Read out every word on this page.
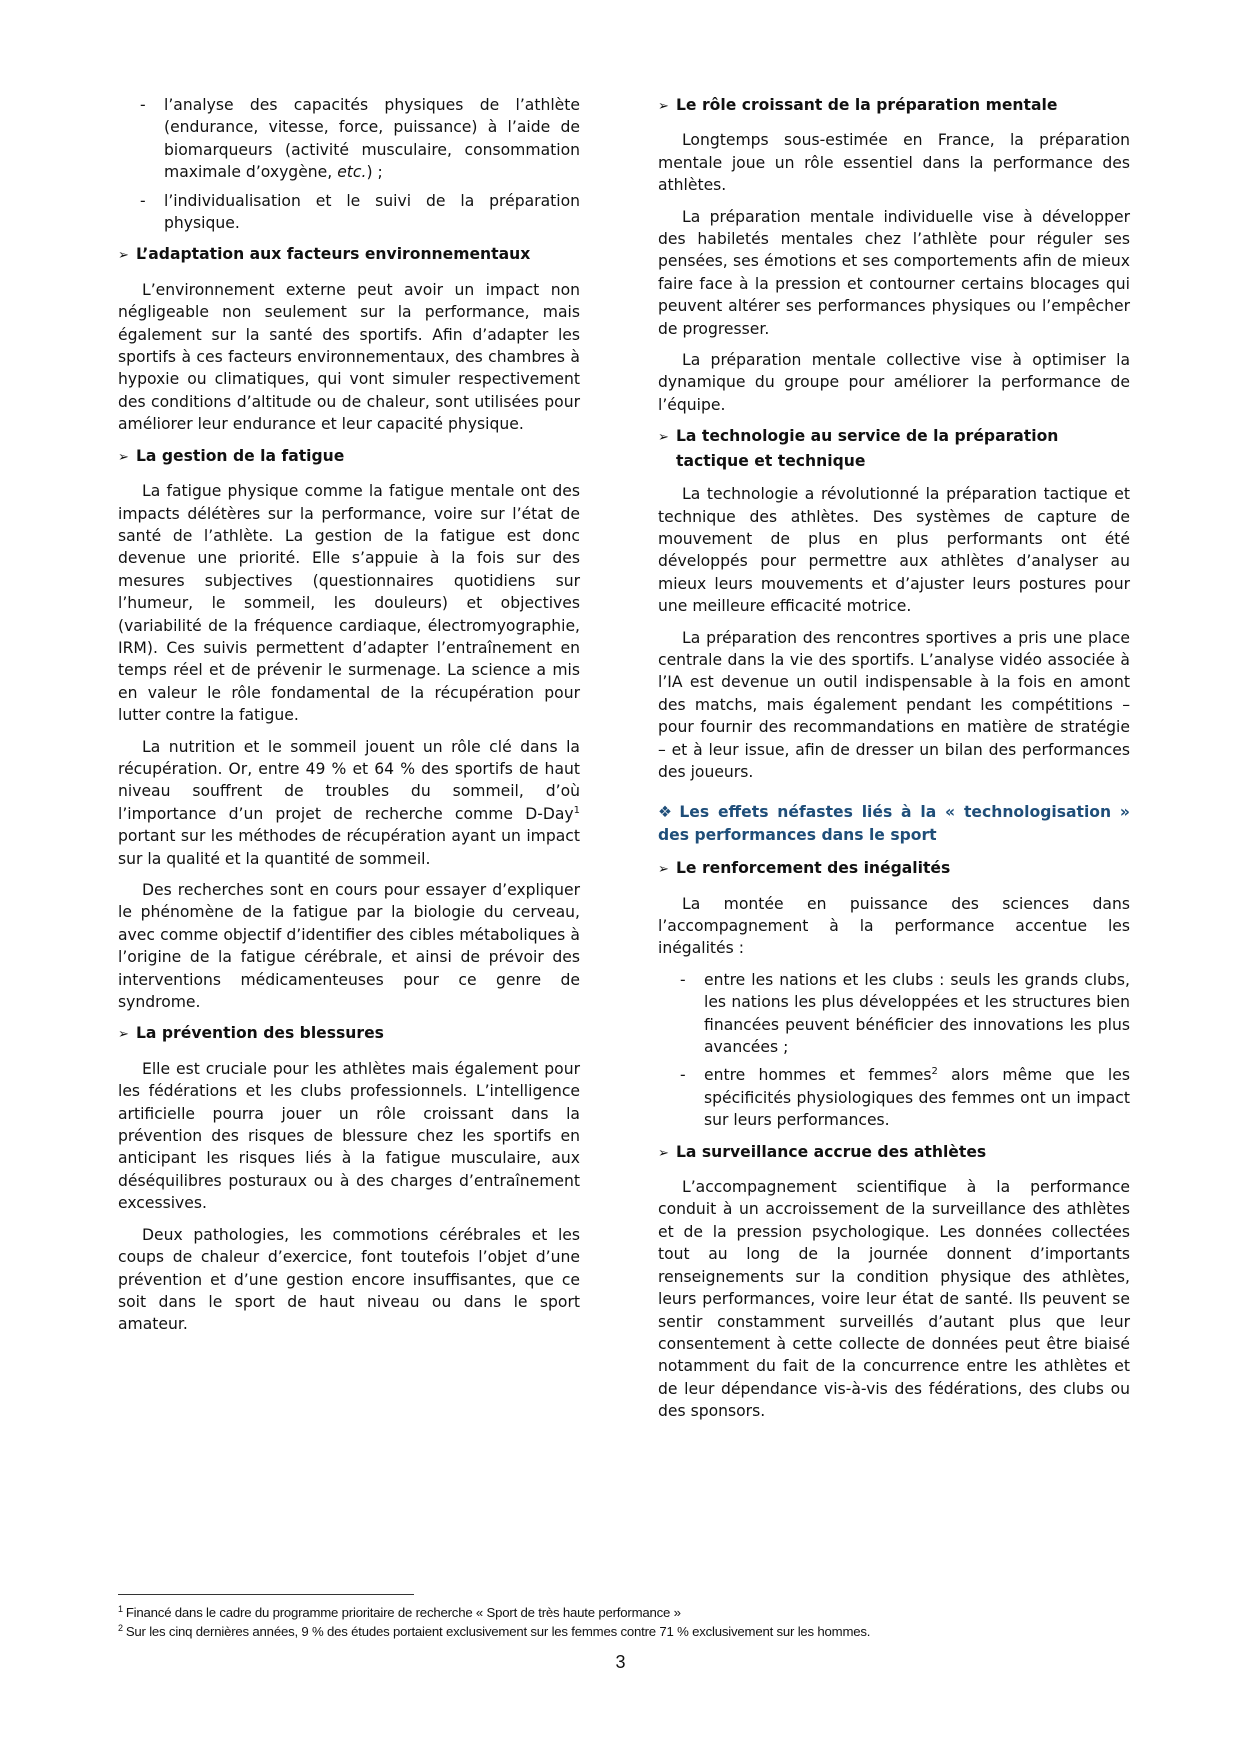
- l’analyse des capacités physiques de l’athlète (endurance, vitesse, force, puissance) à l’aide de biomarqueurs (activité musculaire, consommation maximale d’oxygène, etc.) ;
- l’individualisation et le suivi de la préparation physique.
➢ L’adaptation aux facteurs environnementaux

L’environnement externe peut avoir un impact non négligeable non seulement sur la performance, mais également sur la santé des sportifs. Afin d’adapter les sportifs à ces facteurs environnementaux, des chambres à hypoxie ou climatiques, qui vont simuler respectivement des conditions d’altitude ou de chaleur, sont utilisées pour améliorer leur endurance et leur capacité physique.

➢ La gestion de la fatigue

La fatigue physique comme la fatigue mentale ont des impacts délétères sur la performance, voire sur l’état de santé de l’athlète. La gestion de la fatigue est donc devenue une priorité. Elle s’appuie à la fois sur des mesures subjectives (questionnaires quotidiens sur l’humeur, le sommeil, les douleurs) et objectives (variabilité de la fréquence cardiaque, électromyographie, IRM). Ces suivis permettent d’adapter l’entraînement en temps réel et de prévenir le surmenage. La science a mis en valeur le rôle fondamental de la récupération pour lutter contre la fatigue.

La nutrition et le sommeil jouent un rôle clé dans la récupération. Or, entre 49 % et 64 % des sportifs de haut niveau souffrent de troubles du sommeil, d’où l’importance d’un projet de recherche comme D-Day$^1$ portant sur les méthodes de récupération ayant un impact sur la qualité et la quantité de sommeil.

Des recherches sont en cours pour essayer d’expliquer le phénomène de la fatigue par la biologie du cerveau, avec comme objectif d’identifier des cibles métaboliques à l’origine de la fatigue cérébrale, et ainsi de prévoir des interventions médicamenteuses pour ce genre de syndrome.

➢ La prévention des blessures

Elle est cruciale pour les athlètes mais également pour les fédérations et les clubs professionnels. L’intelligence artificielle pourra jouer un rôle croissant dans la prévention des risques de blessure chez les sportifs en anticipant les risques liés à la fatigue musculaire, aux déséquilibres posturaux ou à des charges d’entraînement excessives.

Deux pathologies, les commotions cérébrales et les coups de chaleur d’exercice, font toutefois l’objet d’une prévention et d’une gestion encore insuffisantes, que ce soit dans le sport de haut niveau ou dans le sport amateur.

➢ Le rôle croissant de la préparation mentale

Longtemps sous-estimée en France, la préparation mentale joue un rôle essentiel dans la performance des athlètes.

La préparation mentale individuelle vise à développer des habiletés mentales chez l’athlète pour réguler ses pensées, ses émotions et ses comportements afin de mieux faire face à la pression et contourner certains blocages qui peuvent altérer ses performances physiques ou l’empêcher de progresser.

La préparation mentale collective vise à optimiser la dynamique du groupe pour améliorer la performance de l’équipe.

➢ La technologie au service de la préparation tactique et technique

La technologie a révolutionné la préparation tactique et technique des athlètes. Des systèmes de capture de mouvement de plus en plus performants ont été développés pour permettre aux athlètes d’analyser au mieux leurs mouvements et d’ajuster leurs postures pour une meilleure efficacité motrice.

La préparation des rencontres sportives a pris une place centrale dans la vie des sportifs. L’analyse vidéo associée à l’IA est devenue un outil indispensable à la fois en amont des matchs, mais également pendant les compétitions – pour fournir des recommandations en matière de stratégie – et à leur issue, afin de dresser un bilan des performances des joueurs.

❖ Les effets néfastes liés à la « technologisation » des performances dans le sport
➢ Le renforcement des inégalités

La montée en puissance des sciences dans l’accompagnement à la performance accentue les inégalités :

- entre les nations et les clubs : seuls les grands clubs, les nations les plus développées et les structures bien financées peuvent bénéficier des innovations les plus avancées ;
- entre hommes et femmes$^2$ alors même que les spécificités physiologiques des femmes ont un impact sur leurs performances.
➢ La surveillance accrue des athlètes

L’accompagnement scientifique à la performance conduit à un accroissement de la surveillance des athlètes et de la pression psychologique. Les données collectées tout au long de la journée donnent d’importants renseignements sur la condition physique des athlètes, leurs performances, voire leur état de santé. Ils peuvent se sentir constamment surveillés d’autant plus que leur consentement à cette collecte de données peut être biaisé notamment du fait de la concurrence entre les athlètes et de leur dépendance vis-à-vis des fédérations, des clubs ou des sponsors.

$^1$ Financé dans le cadre du programme prioritaire de recherche « Sport de très haute performance »
$^2$ Sur les cinq dernières années, 9 % des études portaient exclusivement sur les femmes contre 71 % exclusivement sur les hommes.
3
